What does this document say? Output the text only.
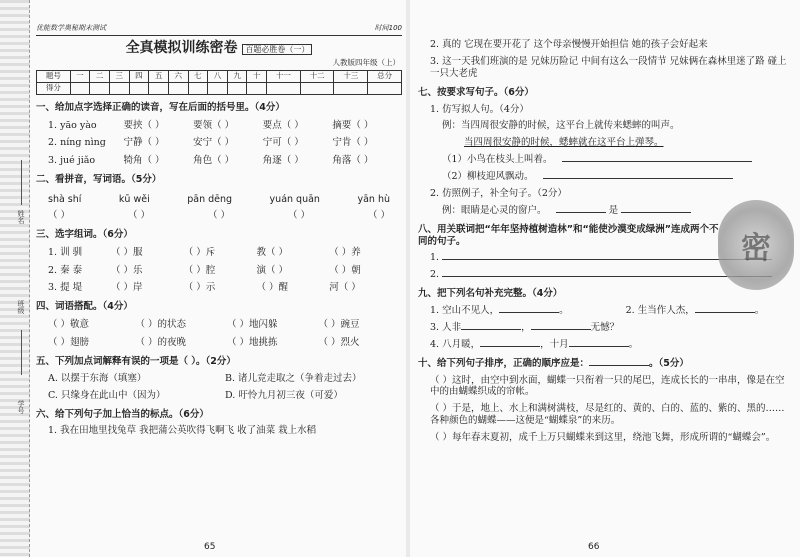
姓名
班级
学号
优能数学奥秘期末测试	时间100
全真模拟训练密卷 百题必胜卷（一）
人教版四年级（上）
题号	一	二	三	四	五	六	七	八	九	十	十一	十二	十三	总分
得分														
一、给加点字选择正确的读音，写在后面的括号里。（4分）
1. yāo yào	要挟（ ）	要领（ ）	要点（ ）	摘要（ ）
2. níng nìng	宁静（ ）	安宁（ ）	宁可（ ）	宁肯（ ）
3. jué jiǎo	犄角（ ）	角色（ ）	角逐（ ）	角落（ ）
二、看拼音，写词语。（5分）
shà shí	kū wěi	pān dēng	yuán quān	yān hù
（ ）	（ ）	（ ）	（ ）	（ ）
三、选字组词。（6分）
1. 训 驯	（ ）服	（ ）斥	教（ ）	（ ）养
2. 秦 泰	（ ）乐	（ ）腔	演（ ）	（ ）朝
3. 提 堤	（ ）岸	（ ）示	（ ）醒	河（ ）
四、词语搭配。（4分）
（ ）敬意	（ ）的状态	（ ）地闪躲	（ ）豌豆
（ ）翅膀	（ ）的夜晚	（ ）地挑拣	（ ）烈火
五、下列加点词解释有误的一项是（ ）。（2分）
A. 以摆于东海（填塞）	B. 诸儿竞走取之（争着走过去）
C. 只缘身在此山中（因为）	D. 吁怜九月初三夜（可爱）
六、给下列句子加上恰当的标点。（6分）
1. 我在田地里找兔草 我把蒲公英吹得飞啊飞 收了油菜 栽上水稻
65
2. 真的 它现在要开花了 这个母亲慢慢开始担信 她的孩子会好起来
3. 这一天我们班演的是 兄妹历险记 中间有这么一段情节 兄妹俩在森林里迷了路 碰上一只大老虎
七、按要求写句子。（6分）
1. 仿写拟人句。（4分）
例：当四周很安静的时候，这平台上就传来蟋蟀的叫声。
当四周很安静的时候，蟋蟀就在这平台上弹琴。
（1）小鸟在枝头上叫着。
（2）柳枝迎风飘动。
2. 仿照例子，补全句子。（2分）
例：眼睛是心灵的窗户。	是
八、用关联词把“年年坚持植树造林”和“能使沙漠变成绿洲”连成两个不同的句子。
1.
2.
九、把下列名句补充完整。（4分）
1. 空山不见人，	。	2. 生当作人杰，	。
3. 人非	，	无憾？
4. 八月暖，	，十月	。
十、给下列句子排序，正确的顺序应是：	。（5分）
（ ）这时，由空中到水面，蝴蝶一只衔着一只的尾巴，连成长长的一串串，像是在空中的由蝴蝶织成的帘帐。
（ ）于是，地上、水上和满树满枝，尽是红的、黄的、白的、蓝的、紫的、黑的……各种颜色的蝴蝶——这便是“蝴蝶泉”的来历。
（ ）每年春末夏初，成千上万只蝴蝶来到这里，绕池飞舞，形成所谓的“蝴蝶会”。
66
密
